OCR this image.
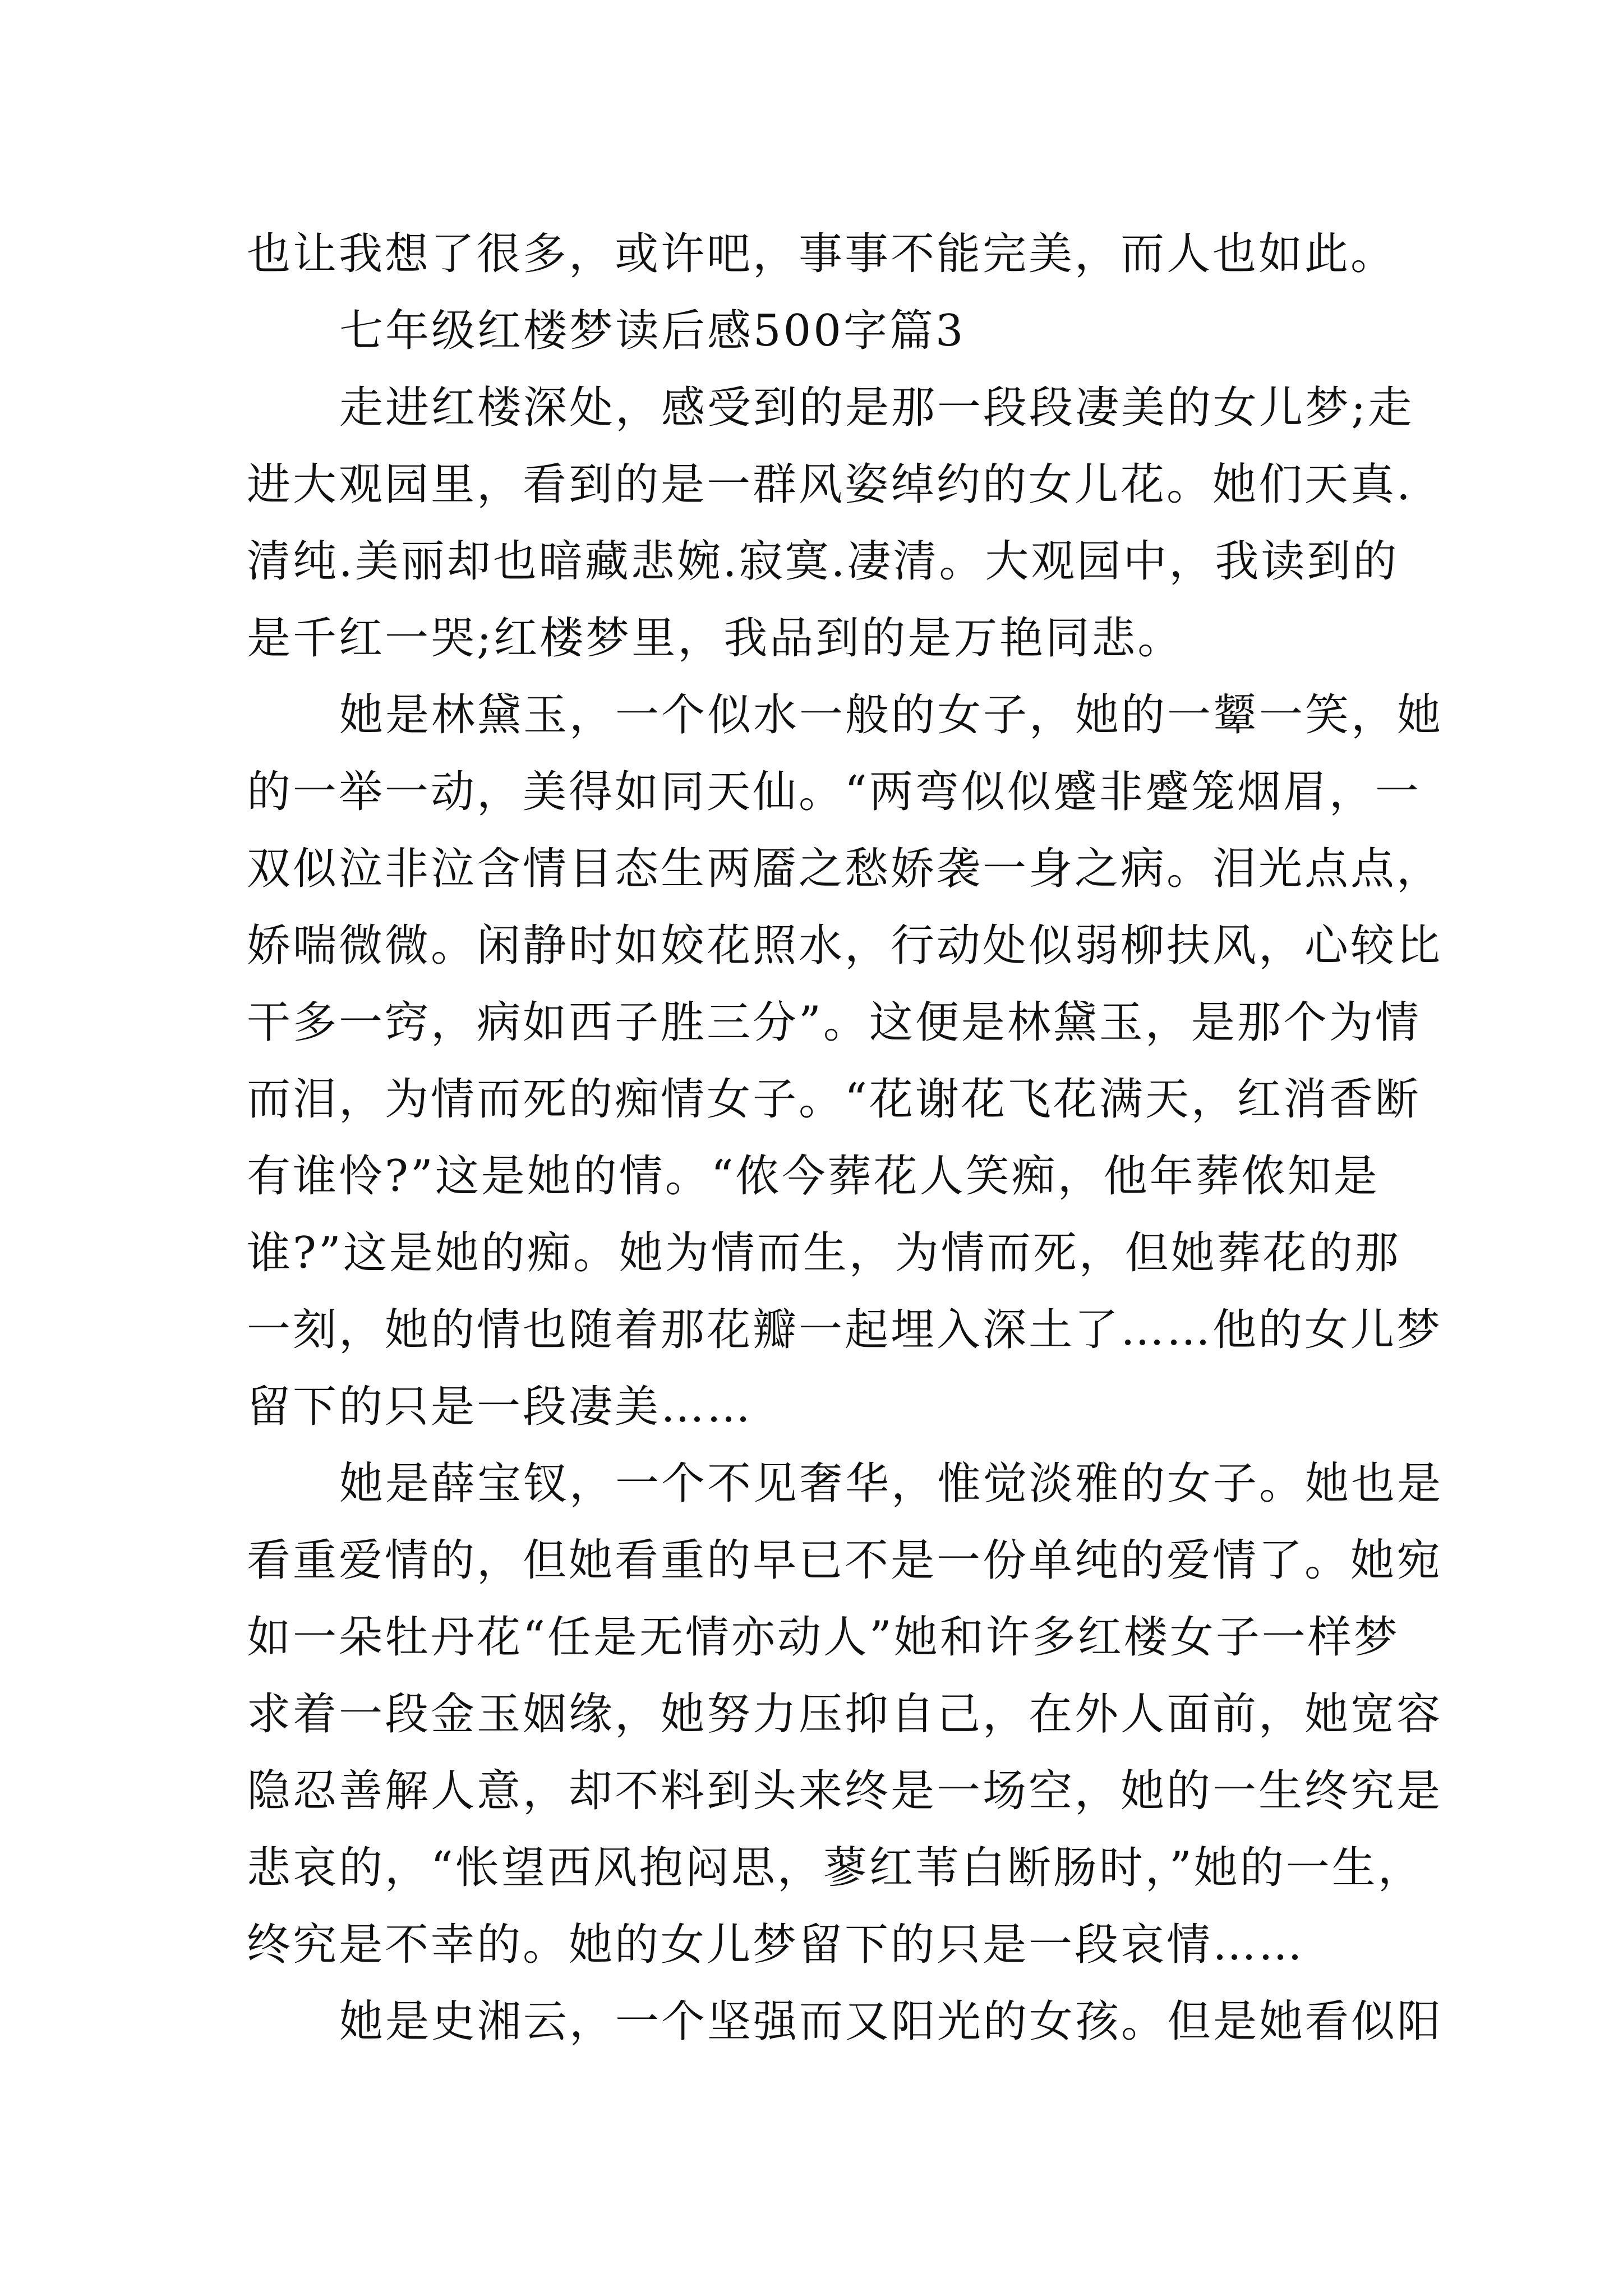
也让我想了很多，或许吧，事事不能完美，而人也如此。
七年级红楼梦读后感500字篇3
走进红楼深处，感受到的是那一段段凄美的女儿梦;走
进大观园里，看到的是一群风姿绰约的女儿花。她们天真.
清纯.美丽却也暗藏悲婉.寂寞.凄清。大观园中，我读到的
是千红一哭;红楼梦里，我品到的是万艳同悲。
她是林黛玉，一个似水一般的女子，她的一颦一笑，她
的一举一动，美得如同天仙。“两弯似似蹙非蹙笼烟眉，一
双似泣非泣含情目态生两靥之愁娇袭一身之病。泪光点点，
娇喘微微。闲静时如姣花照水，行动处似弱柳扶风，心较比
干多一窍，病如西子胜三分”。这便是林黛玉，是那个为情
而泪，为情而死的痴情女子。“花谢花飞花满天，红消香断
有谁怜?”这是她的情。“侬今葬花人笑痴，他年葬侬知是
谁?”这是她的痴。她为情而生，为情而死，但她葬花的那
一刻，她的情也随着那花瓣一起埋入深土了……他的女儿梦
留下的只是一段凄美……
她是薛宝钗，一个不见奢华，惟觉淡雅的女子。她也是
看重爱情的，但她看重的早已不是一份单纯的爱情了。她宛
如一朵牡丹花“任是无情亦动人”她和许多红楼女子一样梦
求着一段金玉姻缘，她努力压抑自己，在外人面前，她宽容
隐忍善解人意，却不料到头来终是一场空，她的一生终究是
悲哀的，“怅望西风抱闷思，蓼红苇白断肠时，”她的一生，
终究是不幸的。她的女儿梦留下的只是一段哀情……
她是史湘云，一个坚强而又阳光的女孩。但是她看似阳
